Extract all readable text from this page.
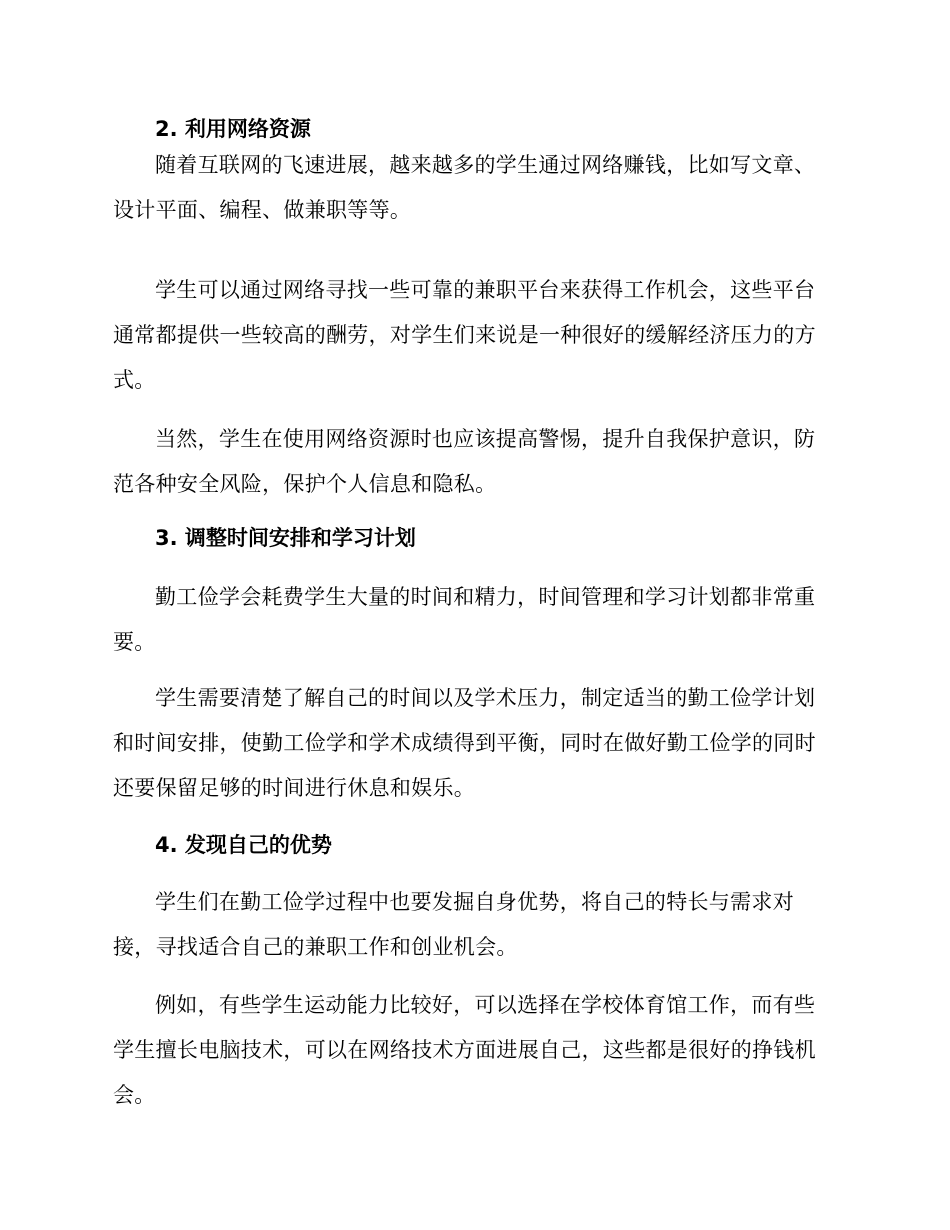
2. 利用网络资源

随着互联网的飞速进展，越来越多的学生通过网络赚钱，比如写文章、设计平面、编程、做兼职等等。

学生可以通过网络寻找一些可靠的兼职平台来获得工作机会，这些平台通常都提供一些较高的酬劳，对学生们来说是一种很好的缓解经济压力的方式。

当然，学生在使用网络资源时也应该提高警惕，提升自我保护意识，防范各种安全风险，保护个人信息和隐私。

3. 调整时间安排和学习计划

勤工俭学会耗费学生大量的时间和精力，时间管理和学习计划都非常重要。

学生需要清楚了解自己的时间以及学术压力，制定适当的勤工俭学计划和时间安排，使勤工俭学和学术成绩得到平衡，同时在做好勤工俭学的同时还要保留足够的时间进行休息和娱乐。

4. 发现自己的优势

学生们在勤工俭学过程中也要发掘自身优势，将自己的特长与需求对接，寻找适合自己的兼职工作和创业机会。

例如，有些学生运动能力比较好，可以选择在学校体育馆工作，而有些学生擅长电脑技术，可以在网络技术方面进展自己，这些都是很好的挣钱机会。
